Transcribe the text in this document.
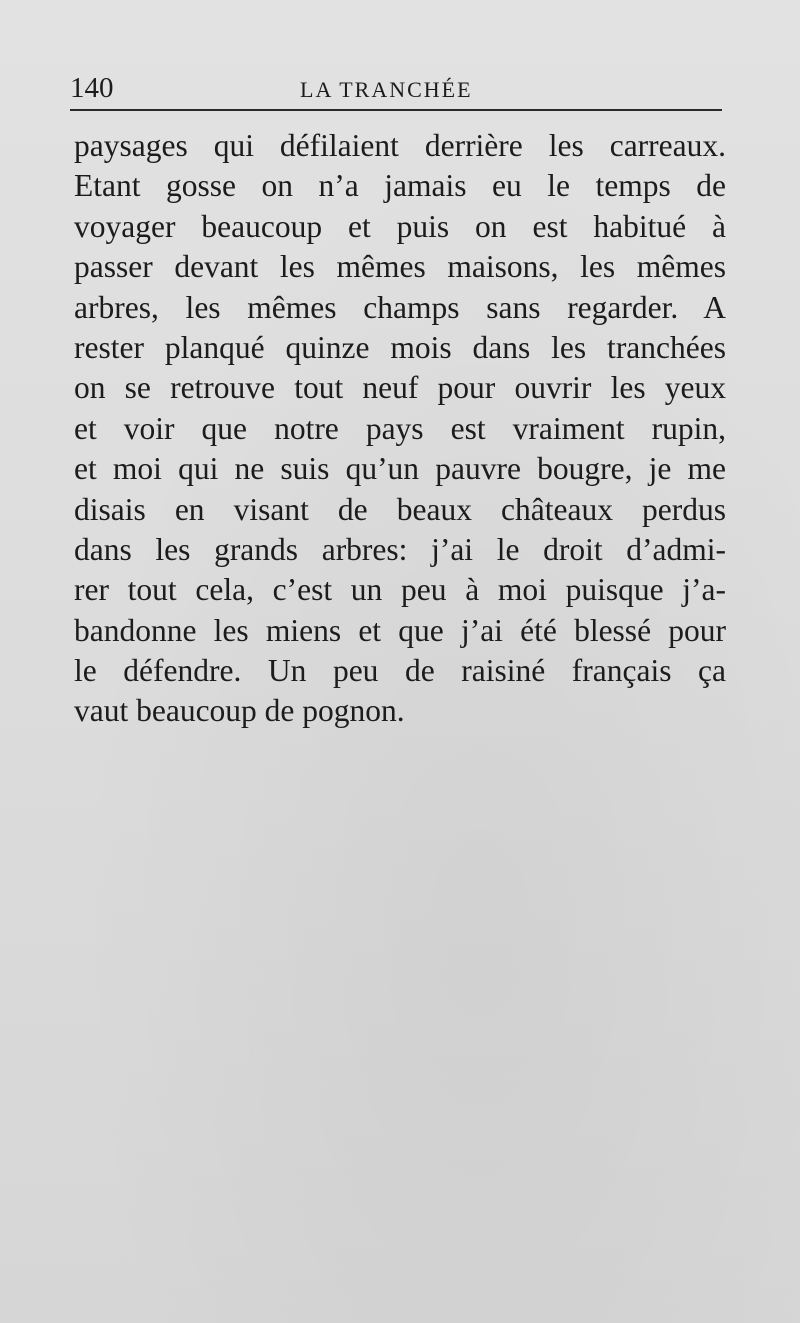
140	LA TRANCHÉE
paysages qui défilaient derrière les carreaux.
Etant gosse on n’a jamais eu le temps de
voyager beaucoup et puis on est habitué à
passer devant les mêmes maisons, les mêmes
arbres, les mêmes champs sans regarder. A
rester planqué quinze mois dans les tranchées
on se retrouve tout neuf pour ouvrir les yeux
et voir que notre pays est vraiment rupin,
et moi qui ne suis qu’un pauvre bougre, je me
disais en visant de beaux châteaux perdus
dans les grands arbres: j’ai le droit d’admi-
rer tout cela, c’est un peu à moi puisque j’a-
bandonne les miens et que j’ai été blessé pour
le défendre. Un peu de raisiné français ça
vaut beaucoup de pognon.
